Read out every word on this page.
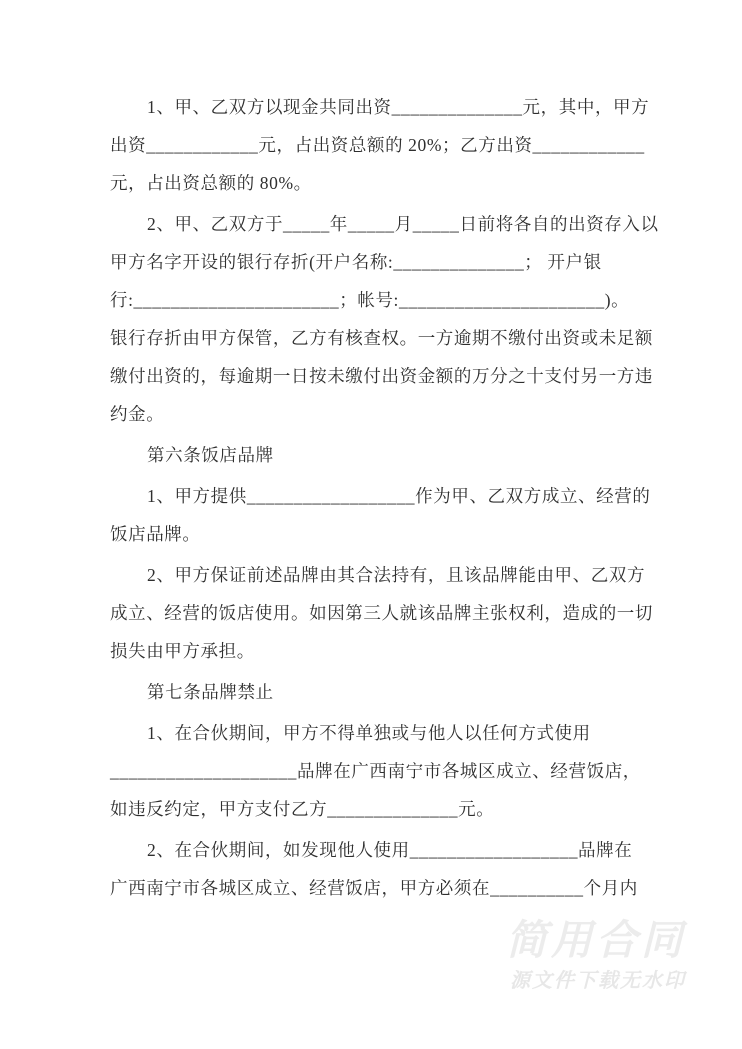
1、甲、乙双方以现金共同出资______________元，其中，甲方
出资____________元，占出资总额的 20%；乙方出资____________
元，占出资总额的 80%。
2、甲、乙双方于_____年_____月_____日前将各自的出资存入以
甲方名字开设的银行存折(开户名称:______________； 开户银
行:______________________；帐号:______________________)。
银行存折由甲方保管，乙方有核查权。一方逾期不缴付出资或未足额
缴付出资的，每逾期一日按未缴付出资金额的万分之十支付另一方违
约金。
第六条饭店品牌
1、甲方提供__________________作为甲、乙双方成立、经营的
饭店品牌。
2、甲方保证前述品牌由其合法持有，且该品牌能由甲、乙双方
成立、经营的饭店使用。如因第三人就该品牌主张权利，造成的一切
损失由甲方承担。
第七条品牌禁止
1、在合伙期间，甲方不得单独或与他人以任何方式使用
____________________品牌在广西南宁市各城区成立、经营饭店，
如违反约定，甲方支付乙方______________元。
2、在合伙期间，如发现他人使用__________________品牌在
广西南宁市各城区成立、经营饭店，甲方必须在__________个月内
简用合同
源文件下载无水印
